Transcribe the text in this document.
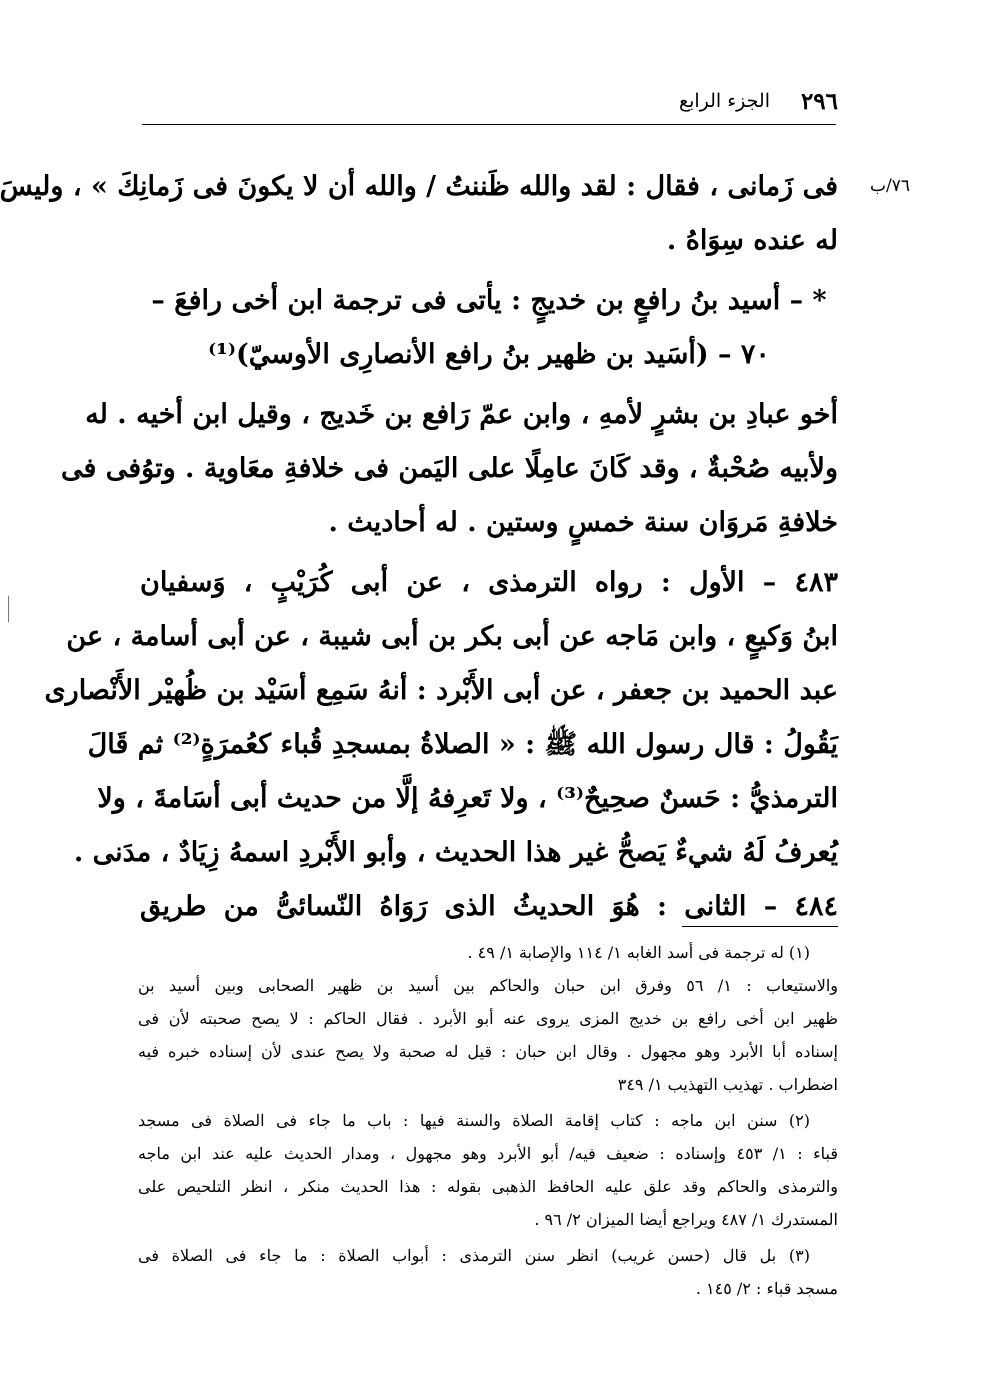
٢٩٦
الجزء الرابع
٧٦/ب
فى زَمانى ، فقال : لقد والله ظَننتُ / والله أن لا يكونَ فى زَمانِكَ » ، وليسَ
له عنده سِوَاهُ .
* – أسيد بنُ رافعٍ بن خديجٍ : يأتى فى ترجمة ابن أخى رافعَ –
٧٠ – (أسَيد بن ظهير بنُ رافع الأنصارِى الأوسيّ)⁽¹⁾
أخو عبادِ بن بشرٍ لأمهِ ، وابن عمّ رَافع بن خَديج ، وقيل ابن أخيه . له
ولأبيه صُحْبةٌ ، وقد كَانَ عامِلًا على اليَمن فى خلافةِ معَاوية . وتوُفى فى
خلافةِ مَروَان سنة خمسٍ وستين . له أحاديث .
٤٨٣ – الأول : رواه الترمذى ، عن أبى كُرَيْبٍ ، وَسفيان
ابنُ وَكيعٍ ، وابن مَاجه عن أبى بكر بن أبى شيبة ، عن أبى أسامة ، عن
عبد الحميد بن جعفر ، عن أبى الأَبْرد : أنهُ سَمِع أسَيْد بن ظُهيْر الأَنْصارى
يَقُولُ : قال رسول الله ﷺ : « الصلاةُ بمسجدِ قُباء كعُمرَةٍ⁽²⁾ ثم قَالَ
الترمذيُّ : حَسنٌ صحِيحٌ⁽³⁾ ، ولا تَعرِفهُ إلَّا من حديث أبى أسَامةَ ، ولا
يُعرفُ لَهُ شيءٌ يَصحُّ غير هذا الحديث ، وأبو الأَبْردِ اسمهُ زِيَادٌ ، مدَنى .
٤٨٤ – الثانى : هُوَ الحديثُ الذى رَوَاهُ النّسائىُّ من طريق
(١) له ترجمة فى أسد الغابه ١/ ١١٤ والإصابة ١/ ٤٩ .
والاستيعاب : ١/ ٥٦ وفرق ابن حبان والحاكم بين أسيد بن ظهير الصحابى وبين أسيد بن
ظهير ابن أخى رافع بن خديج المزى يروى عنه أبو الأبرد . فقال الحاكم : لا يصح صحبته لأن فى
إسناده أبا الأبرد وهو مجهول . وقال ابن حبان : قيل له صحبة ولا يصح عندى لأن إسناده خبره فيه
اضطراب . تهذيب التهذيب ١/ ٣٤٩
(٢) سنن ابن ماجه : كتاب إقامة الصلاة والسنة فيها : باب ما جاء فى الصلاة فى مسجد
قباء : ١/ ٤٥٣ وإسناده : ضعيف فيه/ أبو الأبرد وهو مجهول ، ومدار الحديث عليه عند ابن ماجه
والترمذى والحاكم وقد علق عليه الحافظ الذهبى بقوله : هذا الحديث منكر ، انظر التلحيص على
المستدرك ١/ ٤٨٧ ويراجع أيضا الميزان ٢/ ٩٦ .
(٣) بل قال (حسن غريب) انظر سنن الترمذى : أبواب الصلاة : ما جاء فى الصلاة فى
مسجد قباء : ٢/ ١٤٥ .
